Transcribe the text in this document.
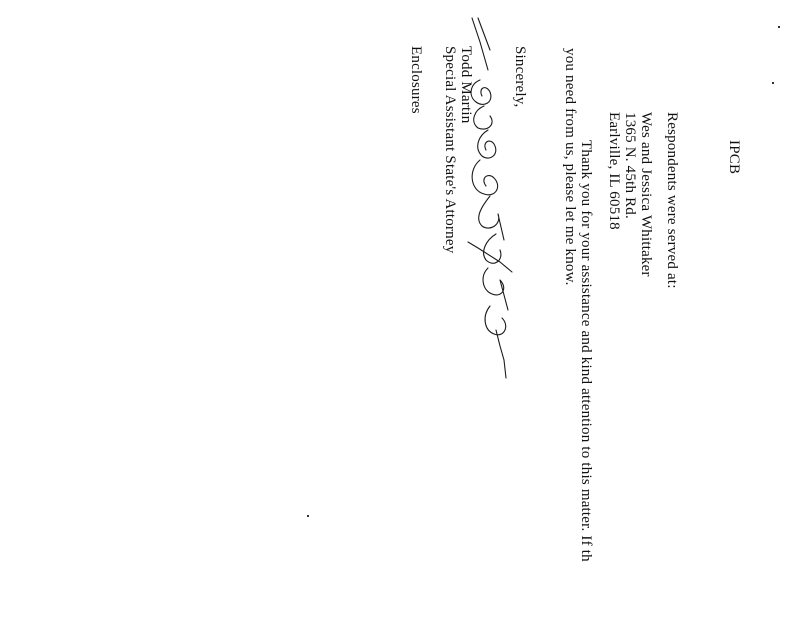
IPCB
Respondents were served at:
Wes and Jessica Whittaker
1365 N. 45th Rd.
Earlville, IL 60518
Thank you for your assistance and kind attention to this matter. If th
you need from us, please let me know.
Sincerely,
Todd Martin
Special Assistant State's Attorney
Enclosures
